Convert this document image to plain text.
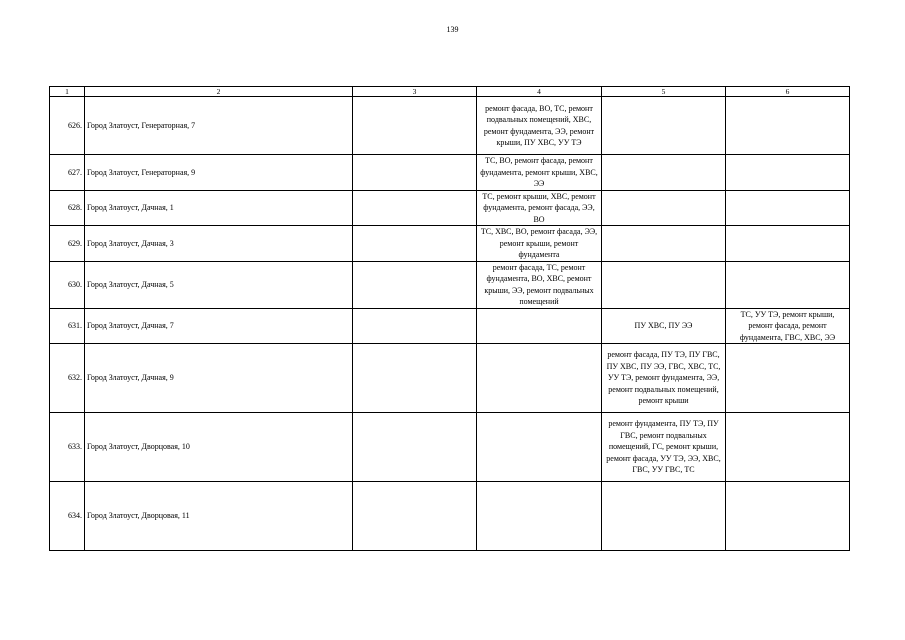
139
1	2	3	4	5	6
626.	Город Златоуст, Генераторная, 7		ремонт фасада, ВО, ТС, ремонт подвальных помещений, ХВС, ремонт фундамента, ЭЭ, ремонт крыши, ПУ ХВС, УУ ТЭ		
627.	Город Златоуст, Генераторная, 9		ТС, ВО, ремонт фасада, ремонт фундамента, ремонт крыши, ХВС, ЭЭ		
628.	Город Златоуст, Дачная, 1		ТС, ремонт крыши, ХВС, ремонт фундамента, ремонт фасада, ЭЭ, ВО		
629.	Город Златоуст, Дачная, 3		ТС, ХВС, ВО, ремонт фасада, ЭЭ, ремонт крыши, ремонт фундамента		
630.	Город Златоуст, Дачная, 5		ремонт фасада, ТС, ремонт фундамента, ВО, ХВС, ремонт крыши, ЭЭ, ремонт подвальных помещений		
631.	Город Златоуст, Дачная, 7			ПУ ХВС, ПУ ЭЭ	ТС, УУ ТЭ, ремонт крыши, ремонт фасада, ремонт фундамента, ГВС, ХВС, ЭЭ
632.	Город Златоуст, Дачная, 9			ремонт фасада, ПУ ТЭ, ПУ ГВС, ПУ ХВС, ПУ ЭЭ, ГВС, ХВС, ТС, УУ ТЭ, ремонт фундамента, ЭЭ, ремонт подвальных помещений, ремонт крыши	
633.	Город Златоуст, Дворцовая, 10			ремонт фундамента, ПУ ТЭ, ПУ ГВС, ремонт подвальных помещений, ГС, ремонт крыши, ремонт фасада, УУ ТЭ, ЭЭ, ХВС, ГВС, УУ ГВС, ТС	
634.	Город Златоуст, Дворцовая, 11				
